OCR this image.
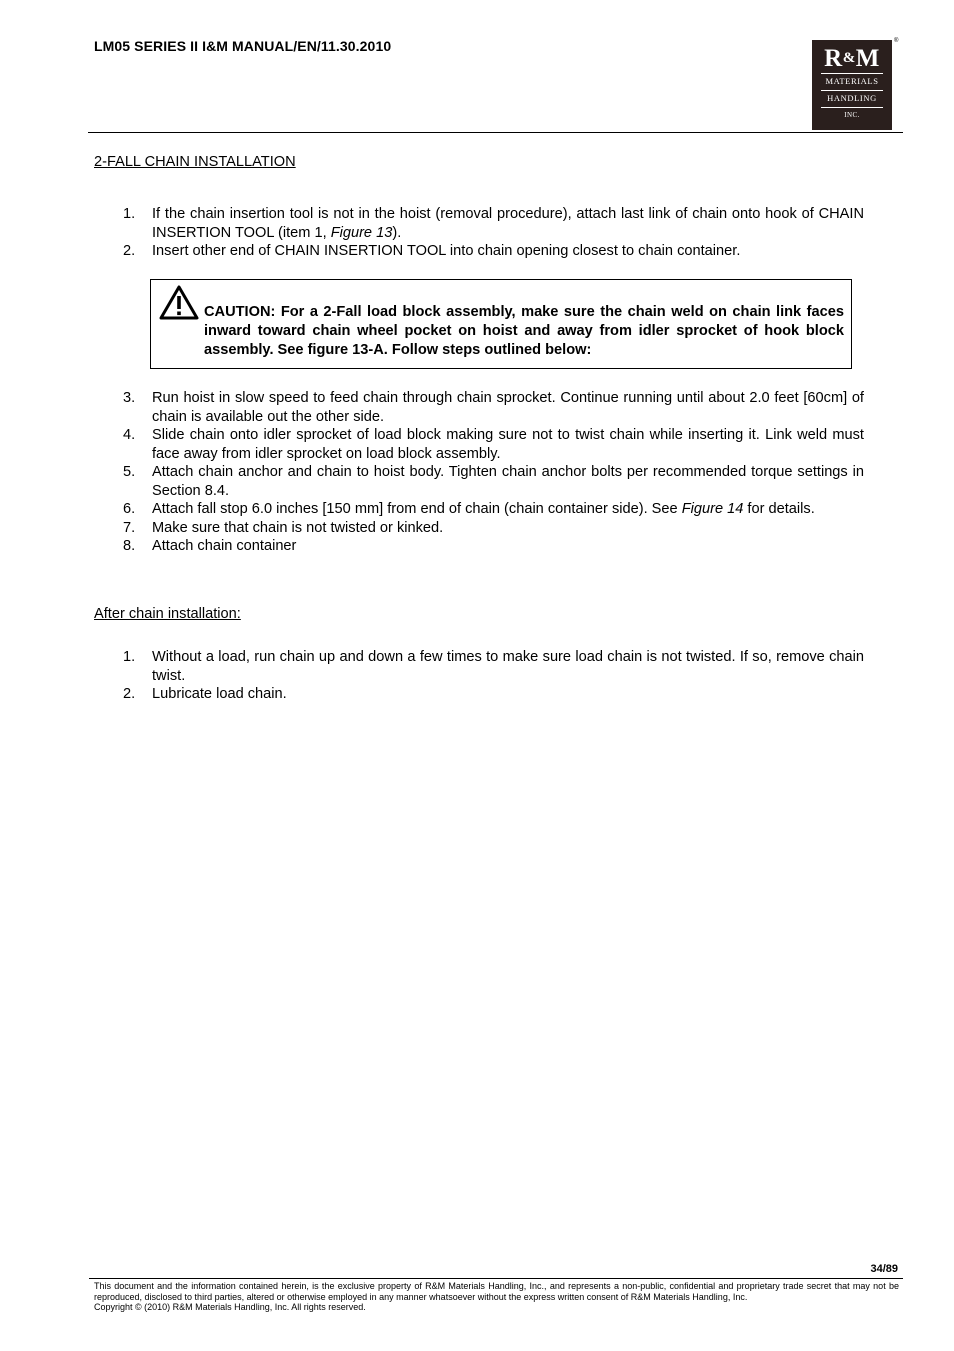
LM05 SERIES II I&M MANUAL/EN/11.30.2010	R&M
MATERIALS
HANDLING
INC.
®
2-FALL CHAIN INSTALLATION
1. If the chain insertion tool is not in the hoist (removal procedure), attach last link of chain onto hook of CHAIN INSERTION TOOL (item 1, Figure 13).
2. Insert other end of CHAIN INSERTION TOOL into chain opening closest to chain container.
CAUTION: For a 2-Fall load block assembly, make sure the chain weld on chain link faces inward toward chain wheel pocket on hoist and away from idler sprocket of hook block assembly. See figure 13-A. Follow steps outlined below:
3. Run hoist in slow speed to feed chain through chain sprocket. Continue running until about 2.0 feet [60cm] of chain is available out the other side.
4. Slide chain onto idler sprocket of load block making sure not to twist chain while inserting it. Link weld must face away from idler sprocket on load block assembly.
5. Attach chain anchor and chain to hoist body. Tighten chain anchor bolts per recommended torque settings in Section 8.4.
6. Attach fall stop 6.0 inches [150 mm] from end of chain (chain container side). See Figure 14 for details.
7. Make sure that chain is not twisted or kinked.
8. Attach chain container
After chain installation:
1. Without a load, run chain up and down a few times to make sure load chain is not twisted. If so, remove chain twist.
2. Lubricate load chain.
34/89
This document and the information contained herein, is the exclusive property of R&M Materials Handling, Inc., and represents a non-public, confidential and proprietary trade secret that may not be reproduced, disclosed to third parties, altered or otherwise employed in any manner whatsoever without the express written consent of R&M Materials Handling, Inc.
Copyright © (2010) R&M Materials Handling, Inc. All rights reserved.
